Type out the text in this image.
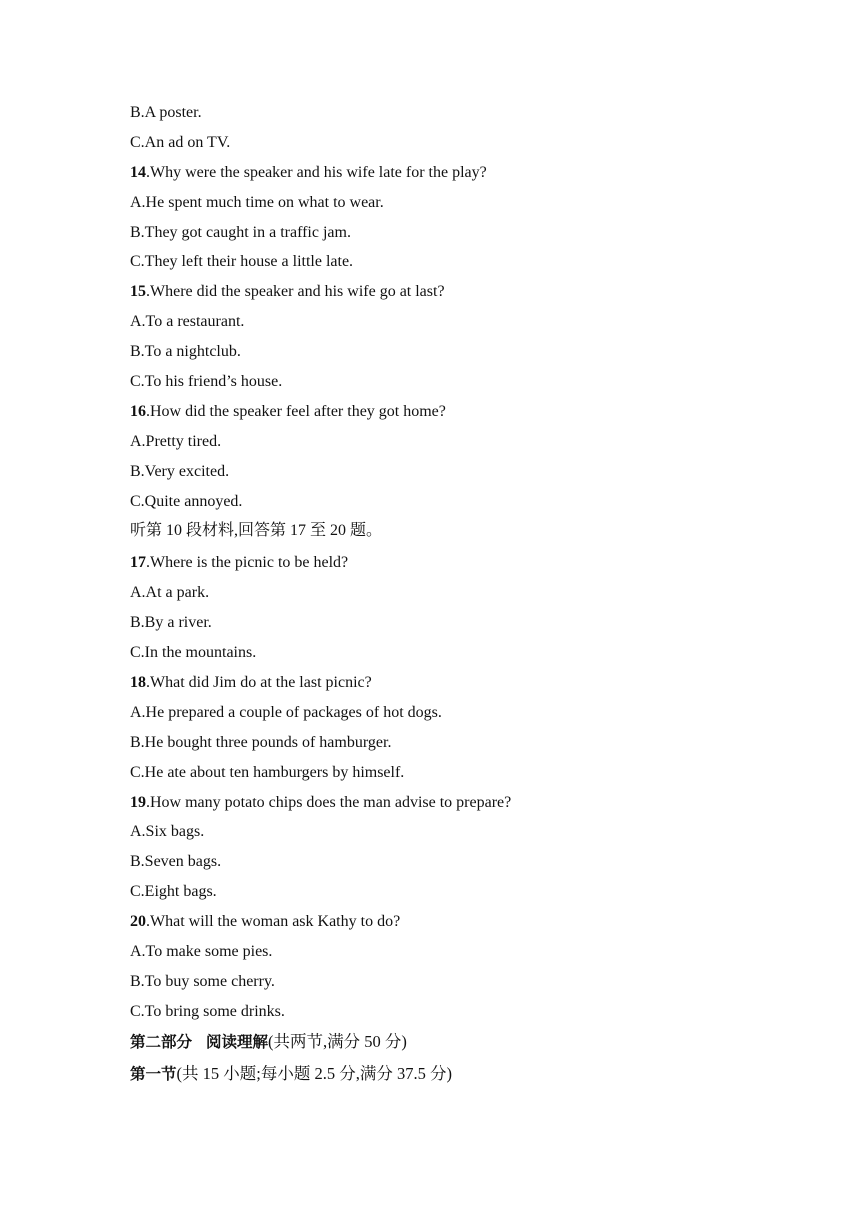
B.A poster.
C.An ad on TV.
14.Why were the speaker and his wife late for the play?
A.He spent much time on what to wear.
B.They got caught in a traffic jam.
C.They left their house a little late.
15.Where did the speaker and his wife go at last?
A.To a restaurant.
B.To a nightclub.
C.To his friend’s house.
16.How did the speaker feel after they got home?
A.Pretty tired.
B.Very excited.
C.Quite annoyed.
听第 10 段材料,回答第 17 至 20 题。
17.Where is the picnic to be held?
A.At a park.
B.By a river.
C.In the mountains.
18.What did Jim do at the last picnic?
A.He prepared a couple of packages of hot dogs.
B.He bought three pounds of hamburger.
C.He ate about ten hamburgers by himself.
19.How many potato chips does the man advise to prepare?
A.Six bags.
B.Seven bags.
C.Eight bags.
20.What will the woman ask Kathy to do?
A.To make some pies.
B.To buy some cherry.
C.To bring some drinks.
第二部分 阅读理解(共两节,满分 50 分)
第一节(共 15 小题;每小题 2.5 分,满分 37.5 分)
